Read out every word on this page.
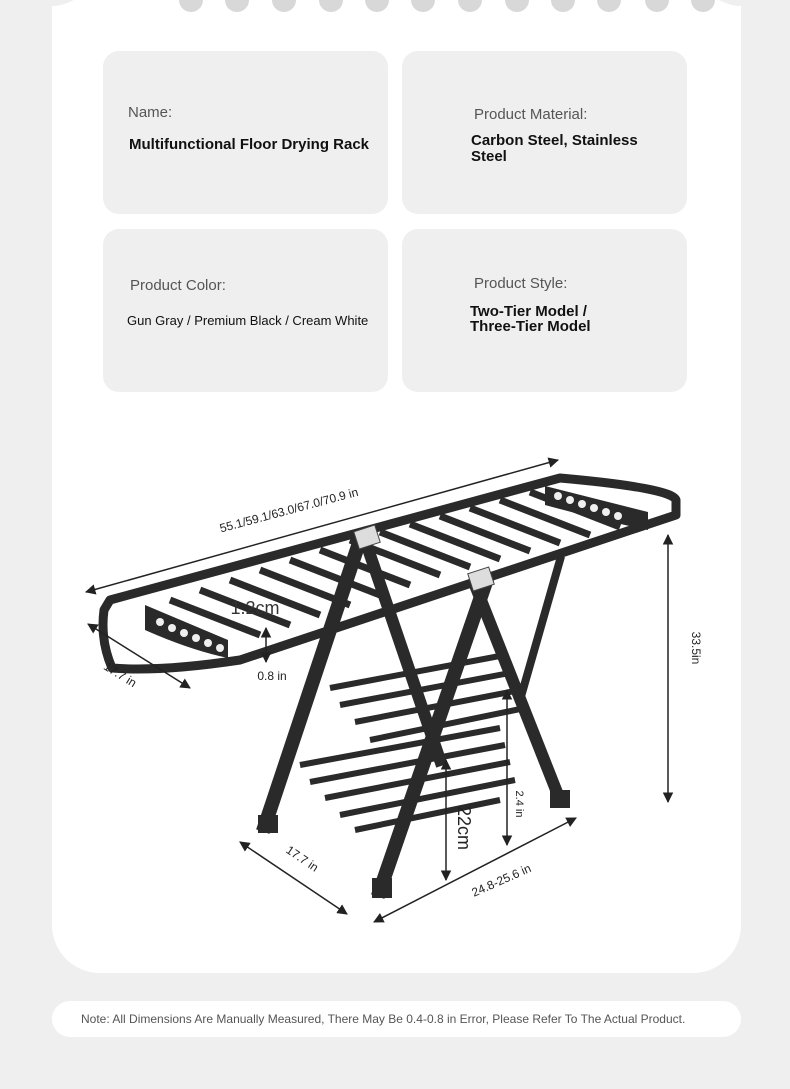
Name:
Multifunctional Floor Drying Rack
Product Material:
Carbon Steel, Stainless
Steel
Product Color:
Gun Gray / Premium Black / Cream White
Product Style:
Two-Tier Model /
Three-Tier Model
55.1/59.1/63.0/67.0/70.9 in
17.7 in
1.2cm
0.8 in
33.5in
17.7 in
24.8-25.6 in
22cm
2.4 in
Note: All Dimensions Are Manually Measured, There May Be 0.4-0.8 in Error, Please Refer To The Actual Product.
